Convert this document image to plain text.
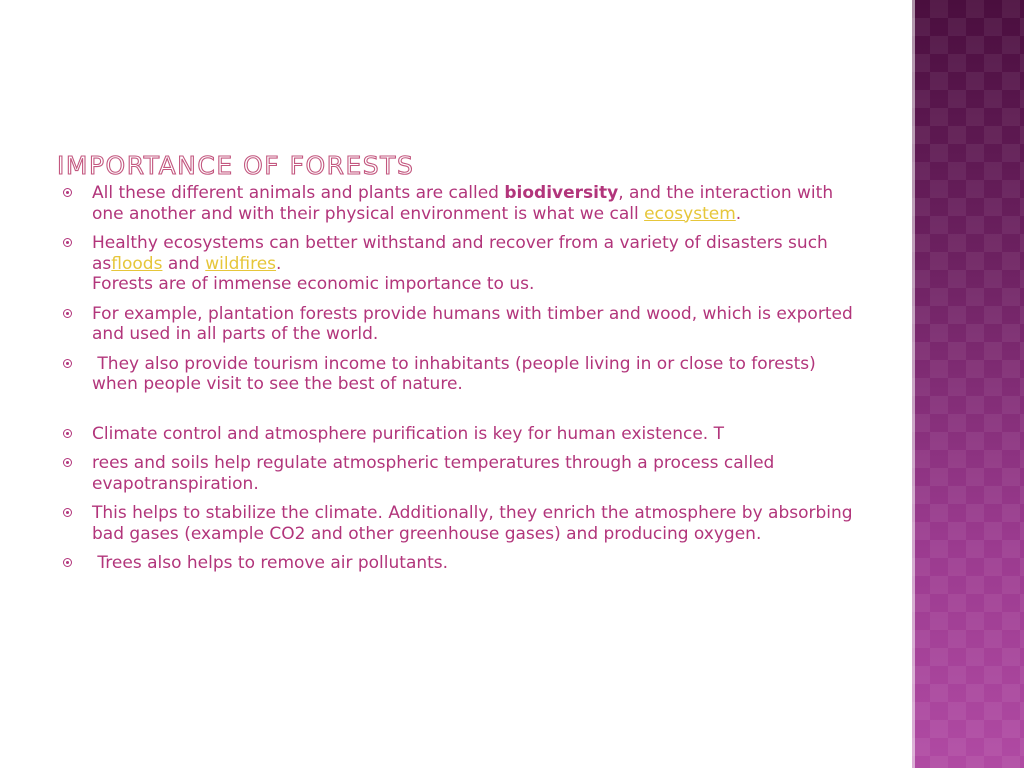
IMPORTANCE OF FORESTS
All these different animals and plants are called biodiversity, and the interaction with one another and with their physical environment is what we call ecosystem.
Healthy ecosystems can better withstand and recover from a variety of disasters such asfloods and wildfires.
Forests are of immense economic importance to us.
For example, plantation forests provide humans with timber and wood, which is exported and used in all parts of the world.
They also provide tourism income to inhabitants (people living in or close to forests) when people visit to see the best of nature.
Climate control and atmosphere purification is key for human existence. T
rees and soils help regulate atmospheric temperatures through a process called evapotranspiration.
This helps to stabilize the climate. Additionally, they enrich the atmosphere by absorbing bad gases (example CO2 and other greenhouse gases) and producing oxygen.
Trees also helps to remove air pollutants.
